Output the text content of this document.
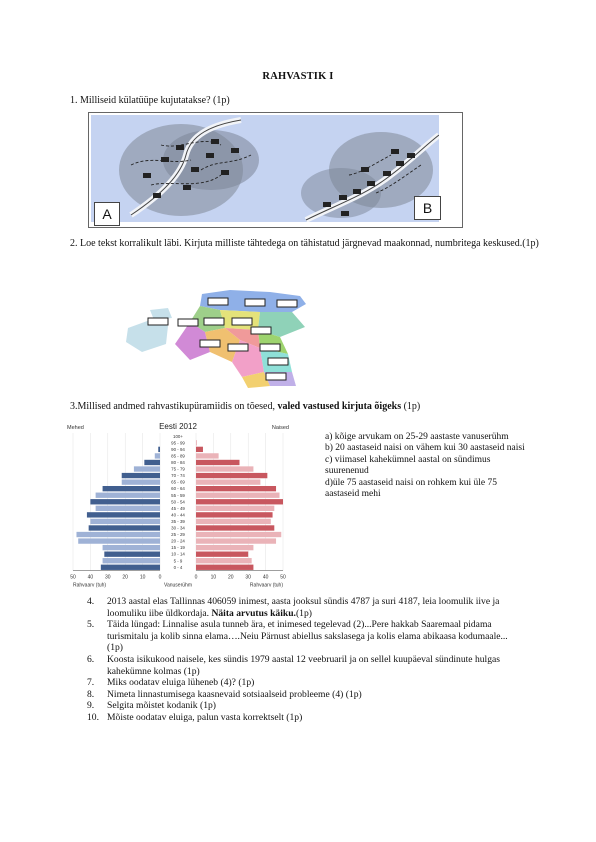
RAHVASTIK I
1. Milliseid külatüüpe kujutatakse? (1p)
A	B
2. Loe tekst korralikult läbi. Kirjuta milliste tähtedega on tähistatud järgnevad maakonnad, numbritega keskused.(1p)
3.Millised andmed rahvastikupüramiidis on tõesed, valed vastused kirjuta õigeks (1p)
Eesti 2012
Mehed	Naised
100+
95 - 99
90 - 94
85 - 89
80 - 84
75 - 79
70 - 74
65 - 69
60 - 64
55 - 59
50 - 54
45 - 49
40 - 44
35 - 39
30 - 34
25 - 29
20 - 24
15 - 19
10 - 14
5 - 9
0 - 4
50 40 30 20 10	0	0	10 20 30 40 50
Rahvaarv (tuh)	Vanuserühm	Rahvaarv (tuh)
a) kõige arvukam on 25-29 aastaste vanuserühm
b) 20 aastaseid naisi on vähem kui 30 aastaseid naisi
c) viimasel kahekümnel aastal on sündimus suurenenud
d)üle 75 aastaseid naisi on rohkem kui üle 75 aastaseid mehi
4. 2013 aastal elas Tallinnas 406059 inimest, aasta jooksul sündis 4787 ja suri 4187, leia loomulik iive ja loomuliku iibe üldkordaja. Näita arvutus käiku.(1p)
5. Täida lüngad: Linnalise asula tunneb ära, et inimesed tegelevad (2)...Pere hakkab Saaremaal pidama turismitalu ja kolib sinna elama….Neiu Pärnust abiellus sakslasega ja kolis elama abikaasa kodumaale... (1p)
6. Koosta isikukood naisele, kes sündis 1979 aastal 12 veebruaril ja on sellel kuupäeval sündinute hulgas kahekümne kolmas (1p)
7. Miks oodatav eluiga lüheneb (4)? (1p)
8. Nimeta linnastumisega kaasnevaid sotsiaalseid probleeme (4) (1p)
9. Selgita mõistet kodanik (1p)
10. Mõiste oodatav eluiga, palun vasta korrektselt (1p)
